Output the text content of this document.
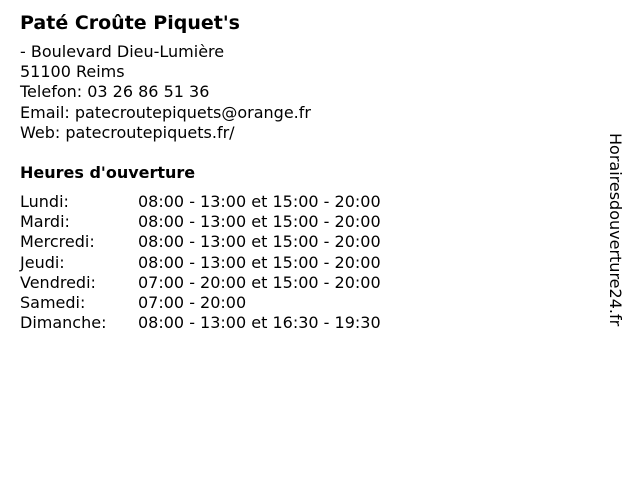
Paté Croûte Piquet's
- Boulevard Dieu-Lumière
51100 Reims
Telefon: 03 26 86 51 36
Email: patecroutepiquets@orange.fr
Web: patecroutepiquets.fr/
Heures d'ouverture
Lundi:	08:00 - 13:00 et 15:00 - 20:00
Mardi:	08:00 - 13:00 et 15:00 - 20:00
Mercredi:	08:00 - 13:00 et 15:00 - 20:00
Jeudi:	08:00 - 13:00 et 15:00 - 20:00
Vendredi:	07:00 - 20:00 et 15:00 - 20:00
Samedi:	07:00 - 20:00
Dimanche:	08:00 - 13:00 et 16:30 - 19:30	Horairesdouverture24.fr
